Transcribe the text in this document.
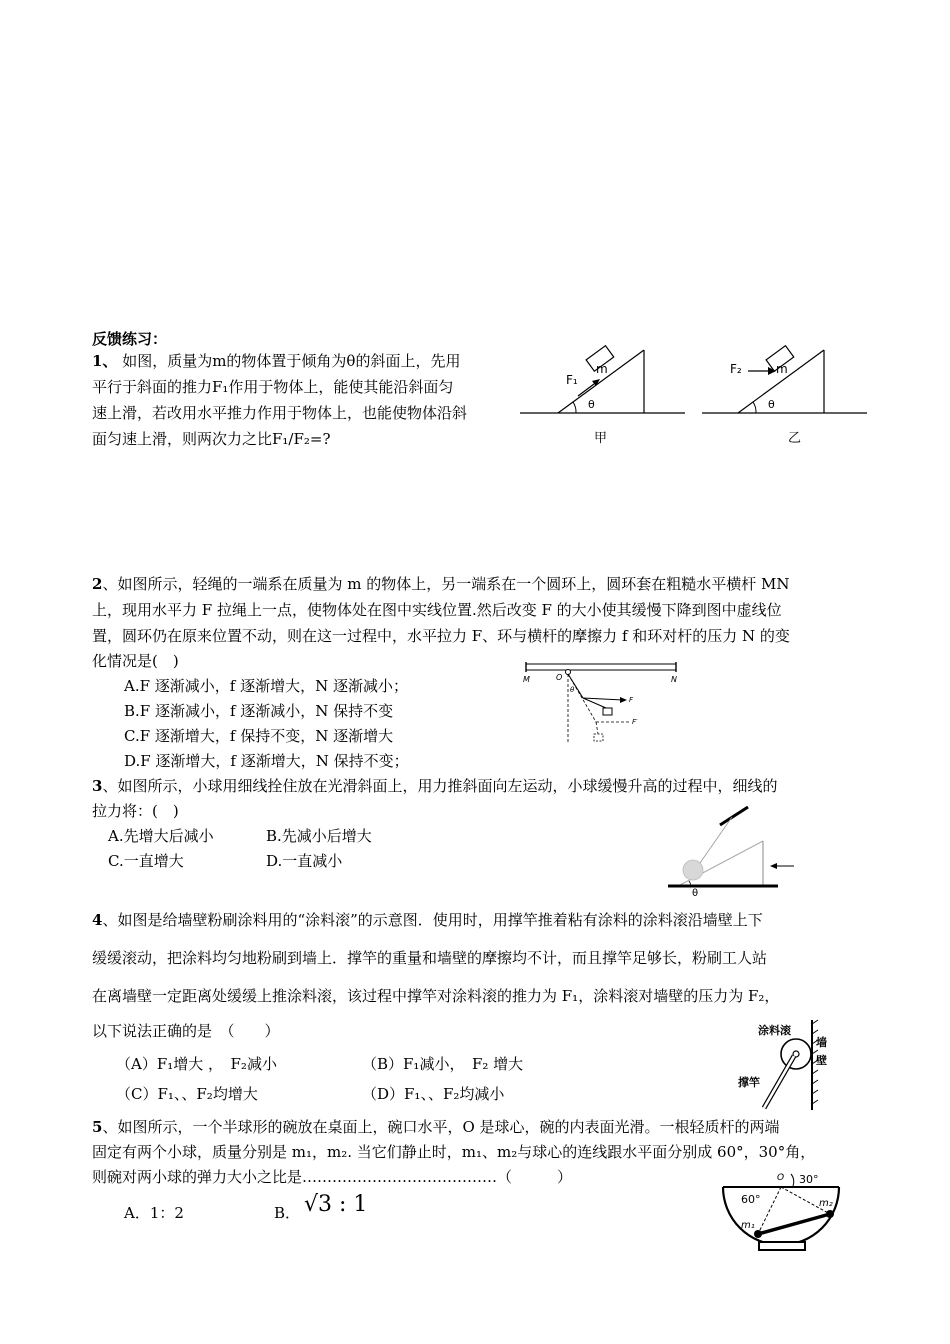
反馈练习：
1、 如图，质量为m的物体置于倾角为θ的斜面上，先用
平行于斜面的推力F₁作用于物体上，能使其能沿斜面匀
速上滑，若改用水平推力作用于物体上，也能使物体沿斜
面匀速上滑，则两次力之比F₁/F₂=?
m
F₁
θ
甲
m
F₂
θ
乙
2、如图所示，轻绳的一端系在质量为 m 的物体上，另一端系在一个圆环上，圆环套在粗糙水平横杆 MN
上，现用水平力 F 拉绳上一点，使物体处在图中实线位置.然后改变 F 的大小使其缓慢下降到图中虚线位
置，圆环仍在原来位置不动，则在这一过程中，水平拉力 F、环与横杆的摩擦力 f 和环对杆的压力 N 的变
化情况是(　)
A.F 逐渐减小，f 逐渐增大，N 逐渐减小；
B.F 逐渐减小，f 逐渐减小，N 保持不变
C.F 逐渐增大，f 保持不变，N 逐渐增大
D.F 逐渐增大，f 逐渐增大，N 保持不变；
M	N
O
F
F′
θ
3、如图所示，小球用细线拴住放在光滑斜面上，用力推斜面向左运动，小球缓慢升高的过程中，细线的
拉力将：(　)
A.先增大后减小	B.先减小后增大
C.一直增大	D.一直减小
θ
4、如图是给墙壁粉刷涂料用的“涂料滚”的示意图．使用时，用撑竿推着粘有涂料的涂料滚沿墙壁上下
缓缓滚动，把涂料均匀地粉刷到墙上．撑竿的重量和墙壁的摩擦均不计，而且撑竿足够长，粉刷工人站
在离墙壁一定距离处缓缓上推涂料滚，该过程中撑竿对涂料滚的推力为 F₁，涂料滚对墙壁的压力为 F₂，
以下说法正确的是　（　　）
（A）F₁增大 ，　F₂减小	（B）F₁减小，　F₂ 增大
（C）F₁、、F₂均增大	（D）F₁、、F₂均减小
墙
壁
涂料滚
撑竿
5、如图所示，一个半球形的碗放在桌面上，碗口水平，O 是球心，碗的内表面光滑。一根轻质杆的两端
固定有两个小球，质量分别是 m₁，m₂. 当它们静止时，m₁、m₂与球心的连线跟水平面分别成 60°，30°角，
则碗对两小球的弹力大小之比是…………………………………（　　　）
A．1：2	B． √3 : 1
O
60°
30°
m₁
m₂
